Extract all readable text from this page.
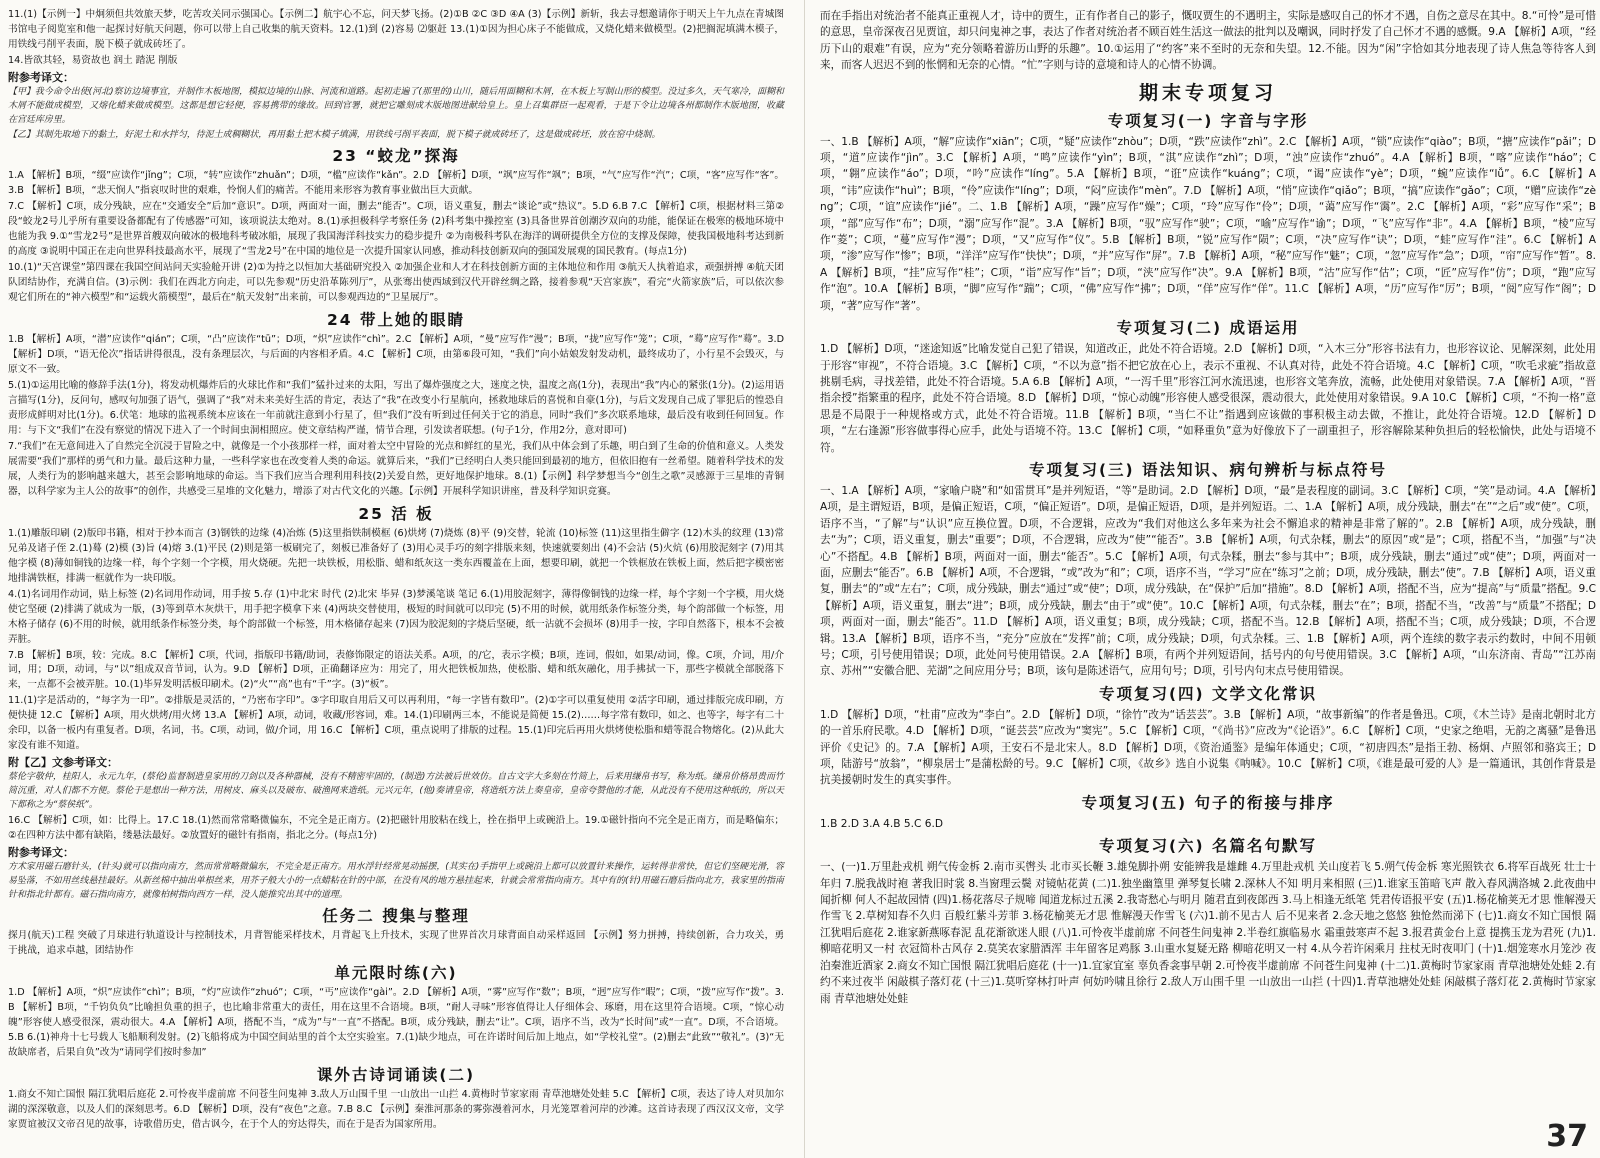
11.(1)【示例一】中炯须但共效旅天梦，吃苦攻关同示强国心。【示例二】航宇心不忘，问天梦飞扬。(2)①B ②C ③D ④A (3)【示例】新斩，我去寻想邀请你于明天上午九点在青城图书馆电子阅览室和他一起探讨好航天问题，你可以带上自己收集的航天资料。12.(1)到 (2)容易 ⑵躯赶 13.(1)①因为担心床子不能做成，又烧化蜡来做模型。(2)把搁泥填满木模子，用铁线弓削平表面，脱下模子就成砖坯了。

14.皆欲其轻，易资故也 润土 踏泥 削版

附参考译文：

【甲】我今命令出使(河北)察访边境事宜，并制作木板地图，模拟边境的山脉、河流和道路。起初走遍了(那里的)山川，随后用面糊和木屑，在木板上写制山形的模型。没过多久，天气寒冷，面糊和木屑不能做成模型，又熔化蜡来做成模型。这都是想它轻便，容易携带的缘故。回到官署，就把它雕刻成木版地图进献给皇上。皇上召集群臣一起观看，于是下令让边境各州都制作木版地图，收藏在宫廷库房里。

【乙】其制先取地下的黏土，好泥土和水拌匀，待泥土成稠糊状，再用黏土把木模子填满，用铁线弓削平表面，脱下模子就成砖坯了，这是做成砖坯，放在窑中烧制。

23 “蛟龙”探海

1.A 【解析】B项，“缀”应读作“jǐng”；C项，“转”应读作“zhuǎn”；D项，“槛”应读作“kǎn”。2.D 【解析】D项，“飒”应写作“飒”；B项，“气”应写作“汽”；C项，“客”应写作“客”。3.B 【解析】B项，“悲天悯人”指哀叹时世的艰难，怜悯人们的痛苦。不能用来形容为教育事业做出巨大贡献。

7.C 【解析】C项，成分残缺，应在“交通安全”后加“意识”。D项，两面对一面，删去“能否”。C项，语义重复，删去“谈论”或“热议”。5.D 6.B 7.C 【解析】C项，根据材料三第②段“蛟龙2号儿乎所有重要设备都配有了传感器”可知，该项说法太绝对。8.(1)承担极科学考察任务 (2)科考集中操控室 (3)具备世界首创潮汐双向的功能，能保证在极寒的极地环境中也能为我 9.①“雪龙2号”是世界首艘双向破冰的极地科考破冰船，展现了我国海洋科技实力的稳步提升 ②为南极科考队在海洋的调研提供全方位的支撑及保障，使我国极地科考达到新的高度 ③说明中国正在走向世界科技最高水平，展现了“雪龙2号”在中国的地位是一次提升国家认同感，推动科技创新双向的强国发展观的国民教育。(每点1分)

10.(1)“天宫课堂”第四课在我国空间站问天实验舱开讲 (2)①为持之以恒加大基础研究投入 ②加强企业和人才在科技创新方面的主体地位和作用 ③航天人执着追求，顽强拼搏 ④航天团队团结协作，充满自信。(3)示例：我们在西北方向走，可以先参观“历史沿革陈列厅”，从张骞出使西域到汉代开辟丝绸之路，接着参观“天宫家族”，看完“火箭家族”后，可以依次参观它们所在的“神六模型”和“运载火箭模型”，最后在“航天发射”出来前，可以参观西边的“卫星展厅”。

24 带上她的眼睛

1.B 【解析】A项，“潜”应读作“qián”；C项，“凸”应读作“tū”；D项，“炽”应读作“chì”。2.C 【解析】A项，“曼”应写作“漫”；B项，“拢”应写作“笼”；C项，“蓦”应写作“蓦”。3.D 【解析】D项，“语无伦次”指话讲得很乱，没有条理层次，与后面的内容相矛盾。4.C 【解析】C项，由第⑥段可知，“我们”向小姑娘发射发动机，最终成功了，小行星不会毁灭，与原文不一致。

5.(1)①运用比喻的修辞手法(1分)，将发动机爆炸后的火球比作和“我们”猛扑过来的太阳，写出了爆炸强度之大，迷度之快，温度之高(1分)，表现出“我”内心的紧张(1分)。(2)运用语言描写(1分)，反问句，感叹句加强了语气，强调了“我”对未来美好生活的肯定，表达了“我”在改变小行星航向，拯救地球后的喜悦和自豪(1分)，与后文发现自己成了罪犯后的惶恐自责形成鲜明对比(1分)。6.伏笔：地球的监视系统本应该在一年前就注意到小行星了，但“我们”没有听到过任何关于它的消息，同时“我们”多次联系地球，最后没有收到任何回复。作用：与下文“我们”在没有察觉的情况下进入了一个时间虫洞相照应。使文章结构严谨，情节合理，引发读者联想。(句子1分，作用2分，意对即可)

7.“我们”在无意间进入了自然完全沉浸于冒险之中，就像是一个小孩那样一样，面对着太空中冒险的光点和鲜红的星光，我们从中体会到了乐趣，明白到了生命的价值和意义。人类发展需要“我们”那样的勇气和力量。最后这种力量，一些科学家也在改变着人类的命运。就算后来，“我们”已经明白人类只能回到最初的地方，但依旧抱有一丝希望。随着科学技术的发展，人类行为的影响越来越大，甚至会影响地球的命运。当下我们应当合理利用科技(2)关爱自然，更好地保护地球。8.(1)【示例】科学梦想当今“创生之歌”灵感源于三星堆的青铜器，以科学家为主人公的故事”的创作，共感受三星堆的文化魅力，增添了对古代文化的兴趣。【示例】开展科学知识讲座，普及科学知识竞赛。

25 活 板

1.(1)雕版印刷 (2)版印书籍，相对于抄本而言 (3)钢铁的边缘 (4)冶炼 (5)这里指铁制模框 (6)烘烤 (7)烧炼 (8)平 (9)交替，轮流 (10)标签 (11)这里指生僻字 (12)木头的纹理 (13)常兄弟及诸子侄 2.(1)蓦 (2)模 (3)旨 (4)熔 3.(1)平民 (2)则是第一板刷完了，刻板已准备好了 (3)用心灵手巧的刻字排版来刻，快速就要刻出 (4)不会沾 (5)火炕 (6)用胶泥刻字 (7)用其他字模 (8)薄如铜钱的边缘一样，每个字刻一个字模，用火烧硬。先把一块铁板，用松脂、蜡和纸灰这一类东西覆盖在上面，想要印刷，就把一个铁框放在铁板上面，然后把字模密密地排满铁框，排满一框就作为一块印版。

4.(1)名词用作动词，贴上标签 (2)名词用作动词，用手按 5.存 (1)中北宋 时代 (2)北宋 毕昇 (3)梦溪笔谈 笔记 6.(1)用胶泥刻字，薄得像铜钱的边缘一样，每个字刻一个字模，用火烧使它坚硬 (2)排满了就成为一版，(3)等到草木灰烘干，用手把字模拿下来 (4)两块交替使用，极短的时间就可以印完 (5)不用的时候，就用纸条作标签分类，每个韵部做一个标签，用木格子储存 (6)不用的时候，就用纸条作标签分类，每个韵部做一个标签，用木格储存起来 (7)因为胶泥刻的字烧后坚硬，纸一沾就不会损坏 (8)用手一按，字印自然落下，根本不会被弄脏。

7.B 【解析】B项，较：完成。8.C 【解析】C项，代词，指版印书籍/助词，表修饰限定的语法关系。A项，的/它，表示字模；B项，连词，假如，如果/动词，像。C项，介词，用/介词，用；D项，动词，与“以”组成双音节词，认为。9.D 【解析】D项，正确翻译应为：用完了，用火把铁板加热，使松脂、蜡和纸灰融化，用手拂拭一下，那些字模就全部脱落下来，一点都不会被弄脏。10.(1)毕昇发明活板印刷术。(2)“火”“高”也有“千”字。(3)“板”。

11.(1)字是活动的，“每字为一印”。②排版是灵活的，“乃密布字印”。③字印取自用后又可以再利用，“每一字皆有数印”。(2)①字可以重复使用 ②活字印刷，通过排版完成印刷，方便快捷 12.C 【解析】A项，用火烘烤/用火烤 13.A 【解析】A项，动词，收藏/形容词，难。14.(1)印刷两三本，不能说是简便 15.(2)……每字常有数印，如之、也等字，每字有二十余印，以备一板内有重复者。D项，名词，书。C项，动词，做/介词，用 16.C 【解析】C项，重点说明了排版的过程。15.(1)印完后再用火烘烤使松脂和蜡等混合物熔化。(2)从此大家没有谁不知道。

附【乙】文参考译文：

蔡伦字敬仲，桂阳人，永元九年，(蔡伦)监督制造皇家用的刀剑以及各种器械，没有不精密牢固的，(制造)方法被后世效仿。自古文字大多刻在竹简上，后来用缣帛书写，称为纸。缣帛价格昂贵而竹简沉重，对人们都不方便。蔡伦于是想出一种方法，用树皮、麻头以及破布、破渔网来造纸。元兴元年，(他)奏请皇帝，将造纸方法上奏皇帝，皇帝夸赞他的才能，从此没有不使用这种纸的，所以天下都称之为“蔡侯纸”。

16.C 【解析】C项，如：比得上。17.C 18.(1)然而常常略微偏东，不完全是正南方。(2)把磁针用胶粘在线上，拴在指甲上或碗沿上。19.①磁针指向不完全是正南方，而是略偏东；②在四种方法中都有缺陷，缕悬法最好。②放置好的磁针有指南，指北之分。(每点1分)

附参考译文：

方术家用磁石磨针头，(针头)就可以指向南方，然而常常略微偏东，不完全是正南方。用水浮针经常晃动摇摆，(其实在)手指甲上或碗沿上都可以放置针来操作，运转得非常快，但它们坚硬光滑，容易坠落，不如用丝线悬挂最好。从新丝棉中抽出单根丝来，用芥子般大小的一点蜡粘在针的中部，在没有风的地方悬挂起来，针就会常常指向南方。其中有的(针)用磁石磨后指向北方，我家里的指南针和指北针都有。磁石指向南方，就像柏树指向西方一样，没人能推究出其中的道理。

任务二 搜集与整理

探月(航天)工程 突破了月球进行轨道设计与控制技术，月背智能采样技术，月背起飞上升技术，实现了世界首次月球背面自动采样返回 【示例】努力拼搏，持续创新，合力攻关，勇于挑战，追求卓越，团结协作

单元限时练(六)

1.D 【解析】A项，“炽”应读作“chì”；B项，“灼”应读作“zhuó”；C项，“丐”应读作“gài”。2.D 【解析】A项，“雾”应写作“数”；B项，“迥”应写作“暇”；C项，“拨”应写作“拨”。3.B 【解析】B项，“千钧负负”比喻担负重的担子，也比喻非常重大的责任，用在这里不合语境。B项，“耐人寻味”形容值得让人仔细体会、琢磨，用在这里符合语境。C项，“惊心动魄”形容使人感受很深，震动很大。4.A 【解析】A项，搭配不当，“成为”与“一直”不搭配。B项，成分残缺，删去“让”。C项，语序不当，改为“长时间”或“一直”。D项，不合语境。5.B 6.(1)神舟十七号载人飞船顺利发射。(2)飞船将成为中国空间站里的首个太空实验室。7.(1)缺少地点，可在许诺时间后加上地点，如“学校礼堂”。(2)删去“此致”“敬礼”。(3)“无故缺席者，后果自负”改为“请同学们按时参加”

课外古诗词诵读(二)

1.商女不知亡国恨 隔江犹唱后庭花 2.可怜夜半虚前席 不问苍生问鬼神 3.敌人万山围千里 一山放出一山拦 4.黄梅时节家家雨 青草池塘处处蛙 5.C 【解析】C项，表达了诗人对贝加尔湖的深深敬意，以及人们的深刻思考。6.D 【解析】D项，没有“夜色”之意。7.B 8.C 【示例】秦淮河那条的雾弥漫着河水，月光笼罩着河岸的沙滩。这首诗表现了西汉汉文帝，文学家贾谊被汉文帝召见的故事，诗歌借历史，借古讽今，在于个人的穷达得失，而在于是否为国家所用。

而在手指出对统治者不能真正重视人才，诗中的贾生，正有作者自己的影子，慨叹贾生的不遇明主，实际是感叹自己的怀才不遇，自伤之意尽在其中。8.“可怜”是可惜的意思，皇帝深夜召见贾谊，却只问鬼神之事，表达了作者对统治者不顾百姓生活这一做法的批判以及嘲讽，同时抒发了自己怀才不遇的感慨。9.A 【解析】A项，“经历下山的艰难”有误，应为“充分领略着游历山野的乐趣”。10.①运用了“约客”来不至时的无奈和失望。12.不能。因为“闲”字恰如其分地表现了诗人焦急等待客人到来，而客人迟迟不到的怅惘和无奈的心情。“忙”字则与诗的意境和诗人的心情不协调。

期末专项复习
专项复习(一) 字音与字形

一、1.B 【解析】A项，“解”应读作“xiān”；C项，“疑”应读作“zhòu”；D项，“跌”应读作“zhì”。2.C 【解析】A项，“锁”应读作“qiào”；B项，“搪”应读作“pǎi”；D项，“道”应读作“jìn”。3.C 【解析】A项，“鸣”应读作“yìn”；B项，“淇”应读作“zhì”；D项，“浊”应读作“zhuó”。4.A 【解析】B项，“喀”应读作“háo”；C项，“翱”应读作“áo”；D项，“吟”应读作“líng”。5.A 【解析】B项，“诳”应读作“kuáng”；C项，“谒”应读作“yè”；D项，“蜿”应读作“lǚ”。6.C 【解析】A项，“讳”应读作“huì”；B项，“伶”应读作“líng”；D项，“闷”应读作“mèn”。7.D 【解析】A项，“悄”应读作“qiǎo”；B项，“搞”应读作“gǎo”；C项，“赠”应读作“zèng”；C项，“谊”应读作“jié”。二、1.B 【解析】A项，“躁”应写作“燥”；C项，“玲”应写作“伶”；D项，“蔼”应写作“霭”。2.C 【解析】A项，“彩”应写作“采”；B项，“部”应写作“布”；D项，“溺”应写作“混”。3.A 【解析】B项，“驭”应写作“驶”；C项，“喻”应写作“谕”；D项，“飞”应写作“非”。4.A 【解析】B项，“棱”应写作“菱”；C项，“蔓”应写作“漫”；D项，“又”应写作“仪”。5.B 【解析】B项，“锐”应写作“陨”；C项，“决”应写作“诀”；D项，“蛙”应写作“洼”。6.C 【解析】A项，“渗”应写作“惨”；B项，“洋洋”应写作“快快”；D项，“并”应写作“屏”。7.B 【解析】A项，“秘”应写作“魅”；C项，“忽”应写作“急”；D项，“帘”应写作“暂”。8.A 【解析】B项，“挂”应写作“桂”；C项，“诣”应写作“旨”；D项，“浃”应写作“决”。9.A 【解析】B项，“沽”应写作“估”；C项，“匠”应写作“仿”；D项，“跑”应写作“泡”。10.A 【解析】B项，“脚”应写作“踹”；C项，“佛”应写作“拂”；D项，“佯”应写作“佯”。11.C 【解析】A项，“历”应写作“厉”；B项，“阅”应写作“阁”；D项，“著”应写作“著”。

专项复习(二) 成语运用

1.D 【解析】D项，“迷途知返”比喻发觉自己犯了错误，知道改正，此处不符合语境。2.D 【解析】D项，“入木三分”形容书法有力，也形容议论、见解深刻，此处用于形容“审视”，不符合语境。3.C 【解析】C项，“不以为意”指不把它放在心上，表示不重视、不认真对待，此处不符合语境。4.C 【解析】C项，“吹毛求疵”指故意挑剔毛病，寻找差错，此处不符合语境。5.A 6.B 【解析】A项，“一泻千里”形容江河水流迅速，也形容文笔奔放，流畅，此处使用对象错误。7.A 【解析】A项，“晋指余授”指繁重的程序，此处不符合语境。8.D 【解析】D项，“惊心动魄”形容使人感受很深，震动很大，此处使用对象错误。9.A 10.C 【解析】C项，“不拘一格”意思是不局限于一种规格或方式，此处不符合语境。11.B 【解析】B项，“当仁不让”指遇到应该做的事积极主动去做，不推让，此处符合语境。12.D 【解析】D项，“左右逢源”形容做事得心应手，此处与语境不符。13.C 【解析】C项，“如释重负”意为好像放下了一副重担子，形容解除某种负担后的轻松愉快，此处与语境不符。

专项复习(三) 语法知识、病句辨析与标点符号

一、1.A 【解析】A项，“家喻户晓”和“如雷贯耳”是并列短语，“等”是助词。2.D 【解析】D项，“最”是表程度的副词。3.C 【解析】C项，“笑”是动词。4.A 【解析】A项，是主谓短语，B项，是偏正短语，C项，“偏正短语”。D项，是偏正短语，D项，是并列短语。二、1.A 【解析】A项，成分残缺，删去“在”“之后”或“使”。C项，语序不当，“了解”与“认识”应互换位置。D项，不合逻辑，应改为“我们对他这么多年来为社会不懈追求的精神是非常了解的”。2.B 【解析】A项，成分残缺，删去“为”；C项，语义重复，删去“重要”；D项，不合逻辑，应改为“使”“能否”。3.B 【解析】A项，句式杂糅，删去“的原因”或“是”；C项，搭配不当，“加强”与“决心”不搭配。4.B 【解析】B项，两面对一面，删去“能否”。5.C 【解析】A项，句式杂糅，删去“参与其中”；B项，成分残缺，删去“通过”或“使”；D项，两面对一面，应删去“能否”。6.B 【解析】A项，不合逻辑，“或”改为“和”；C项，语序不当，“学习”应在“练习”之前；D项，成分残缺，删去“使”。7.B 【解析】A项，语义重复，删去“的”或“左右”；C项，成分残缺，删去“通过”或“使”；D项，成分残缺，在“保护”后加“措施”。8.D 【解析】A项，搭配不当，应为“提高”与“质量”搭配。9.C 【解析】A项，语义重复，删去“进”；B项，成分残缺，删去“由于”或“使”。10.C 【解析】A项，句式杂糅，删去“在”；B项，搭配不当，“改善”与“质量”不搭配；D项，两面对一面，删去“能否”。11.D 【解析】A项，语义重复；B项，成分残缺；C项，搭配不当。12.B 【解析】A项，搭配不当；C项，成分残缺；D项，不合逻辑。13.A 【解析】B项，语序不当，“充分”应放在“发挥”前；C项，成分残缺；D项，句式杂糅。三、1.B 【解析】A项，两个连续的数字表示约数时，中间不用顿号；C项，引号使用错误；D项，此处问号使用错误。2.A 【解析】B项，有两个并列短语间，括号内的句号使用错误。3.C 【解析】A项，“山东济南、青岛”“江苏南京、苏州”“安徽合肥、芜湖”之间应用分号；B项，该句是陈述语气，应用句号；D项，引号内句末点号使用错误。

专项复习(四) 文学文化常识

1.D 【解析】D项，“杜甫”应改为“李白”。2.D 【解析】D项，“徐竹”改为“话芸芸”。3.B 【解析】A项，“故事新编”的作者是鲁迅。C项，《木兰诗》是南北朝时北方的一首乐府民歌。4.D 【解析】D项，“诞芸芸”应改为“窦宪”。5.C 【解析】C项，“《尚书》”应改为“《论语》”。6.C 【解析】C项，“史家之绝唱，无韵之离骚”是鲁迅评价《史记》的。7.A 【解析】A项，王安石不是北宋人。8.D 【解析】D项，《资治通鉴》是编年体通史；C项，“初唐四杰”是指王勃、杨炯、卢照邻和骆宾王；D项，陆游号“放翁”，“柳泉居士”是蒲松龄的号。9.C 【解析】C项，《故乡》选自小说集《呐喊》。10.C 【解析】C项，《谁是最可爱的人》是一篇通讯，其创作背景是抗美援朝时发生的真实事件。

专项复习(五) 句子的衔接与排序

1.B 2.D 3.A 4.B 5.C 6.D

专项复习(六) 名篇名句默写

一、(一)1.万里赴戎机 朔气传金柝 2.南市买辔头 北市买长鞭 3.雄兔脚扑朔 安能辨我是雄雌 4.万里赴戎机 关山度若飞 5.朔气传金柝 寒光照铁衣 6.将军百战死 壮士十年归 7.脱我战时袍 著我旧时裳 8.当窗理云鬓 对镜帖花黄 (二)1.独坐幽篁里 弹琴复长啸 2.深林人不知 明月来相照 (三)1.谁家玉笛暗飞声 散入春风满洛城 2.此夜曲中闻折柳 何人不起故园情 (四)1.杨花落尽子规啼 闻道龙标过五溪 2.我寄愁心与明月 随君直到夜郎西 3.马上相逢无纸笔 凭君传语报平安 (五)1.杨花榆荚无才思 惟解漫天作雪飞 2.草树知春不久归 百般红紫斗芳菲 3.杨花榆荚无才思 惟解漫天作雪飞 (六)1.前不见古人 后不见来者 2.念天地之悠悠 独怆然而涕下 (七)1.商女不知亡国恨 隔江犹唱后庭花 2.谁家新燕啄春泥 乱花渐欲迷人眼 (八)1.可怜夜半虚前席 不问苍生问鬼神 2.半卷红旗临易水 霜重鼓寒声不起 3.报君黄金台上意 提携玉龙为君死 (九)1.柳暗花明又一村 衣冠简朴古风存 2.莫笑农家腊酒浑 丰年留客足鸡豚 3.山重水复疑无路 柳暗花明又一村 4.从今若许闲乘月 拄杖无时夜叩门 (十)1.烟笼寒水月笼沙 夜泊秦淮近酒家 2.商女不知亡国恨 隔江犹唱后庭花 (十一)1.宜家宜室 辜负香衾事早朝 2.可怜夜半虚前席 不问苍生问鬼神 (十二)1.黄梅时节家家雨 青草池塘处处蛙 2.有约不来过夜半 闲敲棋子落灯花 (十三)1.莫听穿林打叶声 何妨吟啸且徐行 2.敌人万山围千里 一山放出一山拦 (十四)1.青草池塘处处蛙 闲敲棋子落灯花 2.黄梅时节家家雨 青草池塘处处蛙

37
